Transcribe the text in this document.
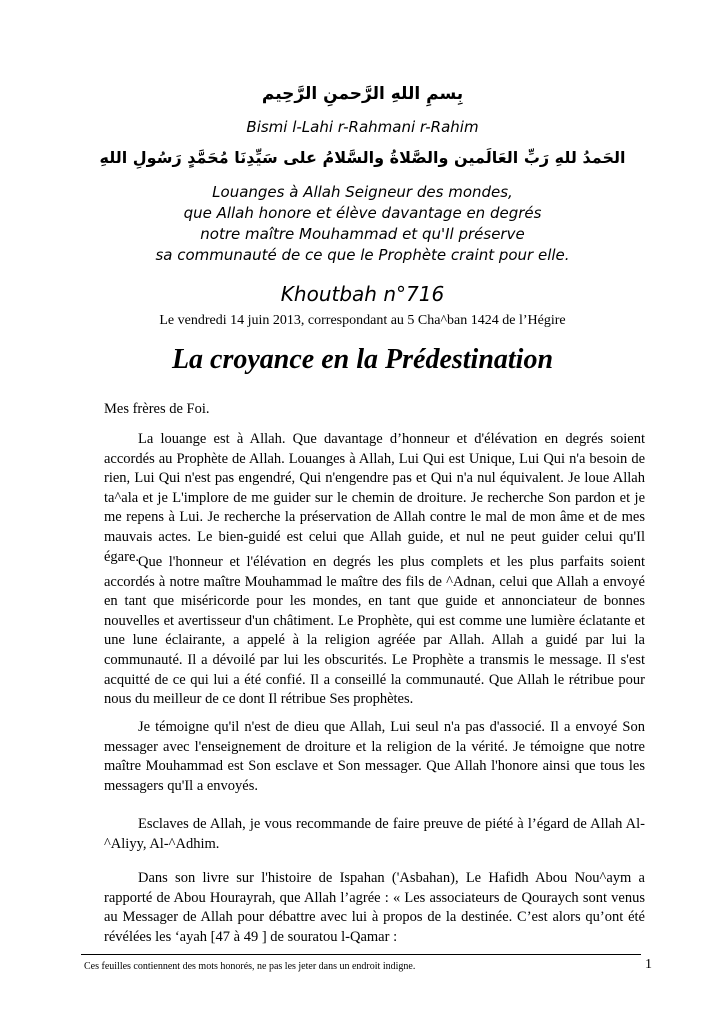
بِسمِ اللهِ الرَّحمنِ الرَّحِيم
Bismi l-Lahi r-Rahmani r-Rahim
الحَمدُ للهِ رَبِّ العَالَمين والصَّلاةُ والسَّلامُ على سَيِّدِنَا مُحَمَّدٍ رَسُولِ اللهِ
Louanges à Allah Seigneur des mondes,
que Allah honore et élève davantage en degrés
notre maître Mouhammad et qu'Il préserve
sa communauté de ce que le Prophète craint pour elle.
Khoutbah n°716
Le vendredi 14 juin 2013, correspondant au 5 Cha^ban 1424 de l’Hégire
La croyance en la Prédestination
Mes frères de Foi.

La louange est à Allah. Que davantage d’honneur et d'élévation en degrés soient accordés au Prophète de Allah. Louanges à Allah, Lui Qui est Unique, Lui Qui n'a besoin de rien, Lui Qui n'est pas engendré, Qui n'engendre pas et Qui n'a nul équivalent. Je loue Allah ta^ala et je L'implore de me guider sur le chemin de droiture. Je recherche Son pardon et je me repens à Lui. Je recherche la préservation de Allah contre le mal de mon âme et de mes mauvais actes. Le bien-guidé est celui que Allah guide, et nul ne peut guider celui qu'Il égare.

Que l'honneur et l'élévation en degrés les plus complets et les plus parfaits soient accordés à notre maître Mouhammad le maître des fils de ^Adnan, celui que Allah a envoyé en tant que miséricorde pour les mondes, en tant que guide et annonciateur de bonnes nouvelles et avertisseur d'un châtiment. Le Prophète, qui est comme une lumière éclatante et une lune éclairante, a appelé à la religion agréée par Allah. Allah a guidé par lui la communauté. Il a dévoilé par lui les obscurités. Le Prophète a transmis le message. Il s'est acquitté de ce qui lui a été confié. Il a conseillé la communauté. Que Allah le rétribue pour nous du meilleur de ce dont Il rétribue Ses prophètes.

Je témoigne qu'il n'est de dieu que Allah, Lui seul n'a pas d'associé. Il a envoyé Son messager avec l'enseignement de droiture et la religion de la vérité. Je témoigne que notre maître Mouhammad est Son esclave et Son messager. Que Allah l'honore ainsi que tous les messagers qu'Il a envoyés.

Esclaves de Allah, je vous recommande de faire preuve de piété à l’égard de Allah Al-^Aliyy, Al-^Adhim.

Dans son livre sur l'histoire de Ispahan ('Asbahan), Le Hafidh Abou Nou^aym a rapporté de Abou Hourayrah, que Allah l’agrée : « Les associateurs de Qouraych sont venus au Messager de Allah pour débattre avec lui à propos de la destinée. C’est alors qu’ont été révélées les ‘ayah [47 à 49 ] de souratou l-Qamar :

Ces feuilles contiennent des mots honorés, ne pas les jeter dans un endroit indigne.	1
